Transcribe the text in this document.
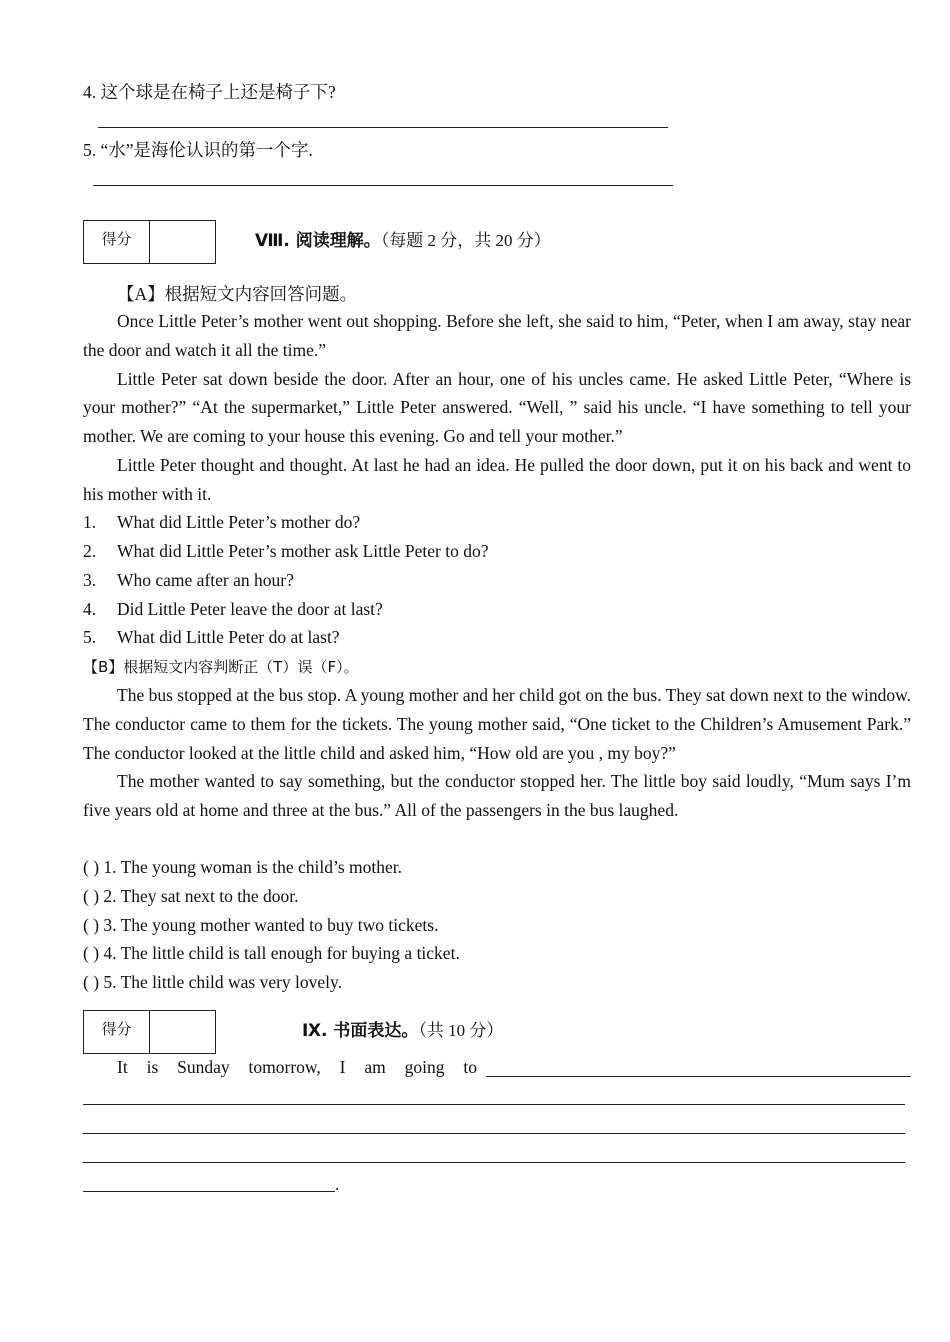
4. 这个球是在椅子上还是椅子下?
5. “水”是海伦认识的第一个字.
得分	Ⅷ. 阅读理解。（每题 2 分，共 20 分）
【A】根据短文内容回答问题。
Once Little Peter’s mother went out shopping. Before she left, she said to him, “Peter, when I am away, stay near the door and watch it all the time.”
Little Peter sat down beside the door. After an hour, one of his uncles came. He asked Little Peter, “Where is your mother?” “At the supermarket,” Little Peter answered. “Well, ” said his uncle. “I have something to tell your mother. We are coming to your house this evening. Go and tell your mother.”
Little Peter thought and thought. At last he had an idea. He pulled the door down, put it on his back and went to his mother with it.
1. What did Little Peter’s mother do?
2. What did Little Peter’s mother ask Little Peter to do?
3. Who came after an hour?
4. Did Little Peter leave the door at last?
5. What did Little Peter do at last?
【B】根据短文内容判断正（T）误（F）。
The bus stopped at the bus stop. A young mother and her child got on the bus. They sat down next to the window. The conductor came to them for the tickets. The young mother said, “One ticket to the Children’s Amusement Park.” The conductor looked at the little child and asked him, “How old are you , my boy?”
The mother wanted to say something, but the conductor stopped her. The little boy said loudly, “Mum says I’m five years old at home and three at the bus.” All of the passengers in the bus laughed.
( ) 1. The young woman is the child’s mother.
( ) 2. They sat next to the door.
( ) 3. The young mother wanted to buy two tickets.
( ) 4. The little child is tall enough for buying a ticket.
( ) 5. The little child was very lovely.
得分	Ⅸ. 书面表达。（共 10 分）
It is Sunday tomorrow, I am going to
.
